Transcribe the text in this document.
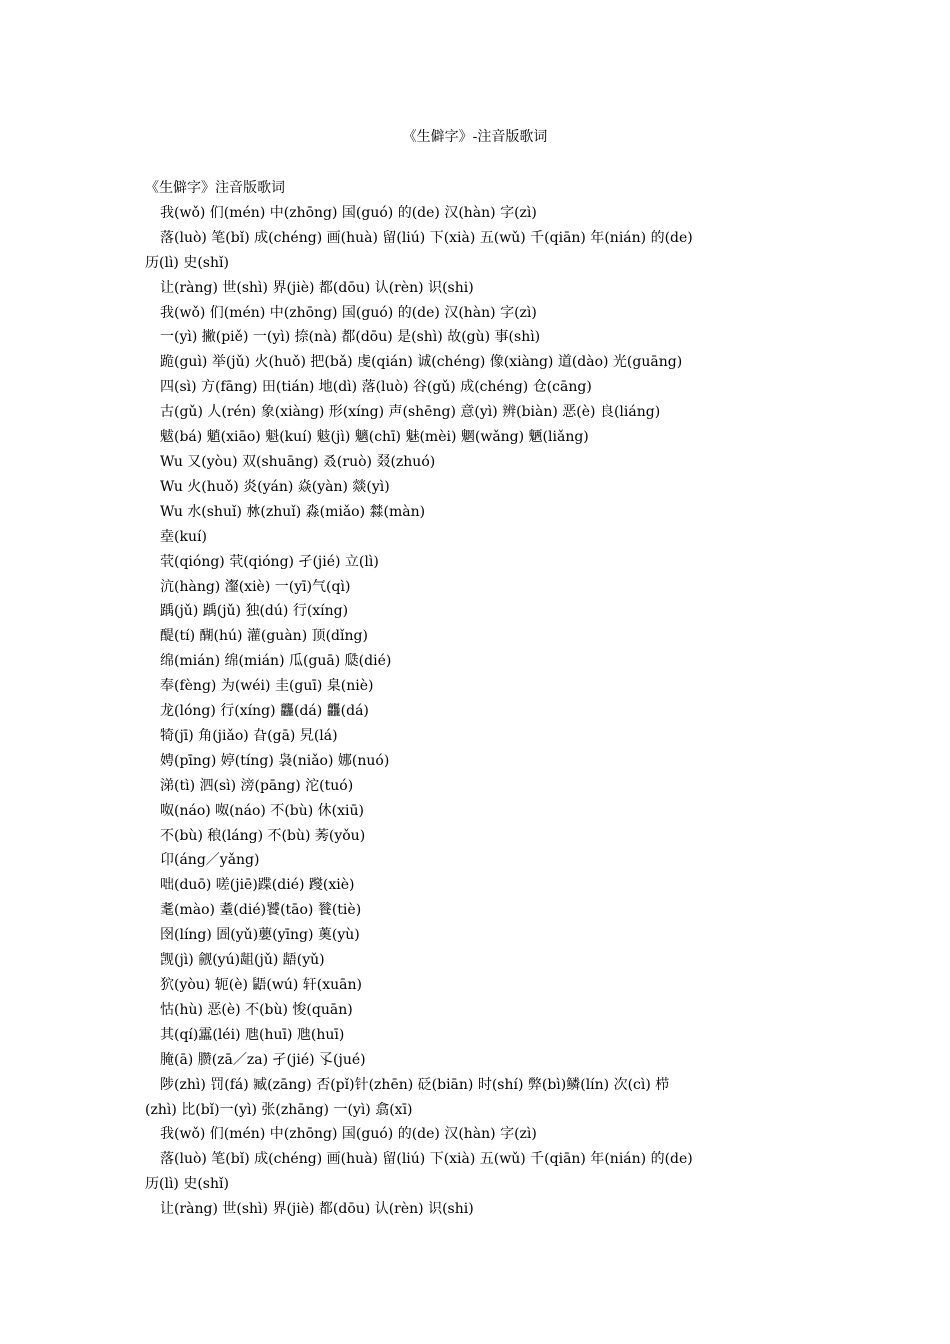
《生僻字》-注音版歌词
《生僻字》注音版歌词
我(wǒ) 们(mén) 中(zhōng) 国(guó) 的(de) 汉(hàn) 字(zì)
落(luò) 笔(bǐ) 成(chéng) 画(huà) 留(liú) 下(xià) 五(wǔ) 千(qiān) 年(nián) 的(de)
历(lì) 史(shǐ)
让(ràng) 世(shì) 界(jiè) 都(dōu) 认(rèn) 识(shi)
我(wǒ) 们(mén) 中(zhōng) 国(guó) 的(de) 汉(hàn) 字(zì)
一(yì) 撇(piě) 一(yì) 捺(nà) 都(dōu) 是(shì) 故(gù) 事(shì)
跪(guì) 举(jǔ) 火(huǒ) 把(bǎ) 虔(qián) 诚(chéng) 像(xiàng) 道(dào) 光(guāng)
四(sì) 方(fāng) 田(tián) 地(dì) 落(luò) 谷(gǔ) 成(chéng) 仓(cāng)
古(gǔ) 人(rén) 象(xiàng) 形(xíng) 声(shēng) 意(yì) 辨(biàn) 恶(è) 良(liáng)
魃(bá) 魈(xiāo) 魁(kuí) 鬾(jì) 魑(chī) 魅(mèi) 魍(wǎng) 魉(liǎng)
Wu 又(yòu) 双(shuāng) 叒(ruò) 叕(zhuó)
Wu 火(huǒ) 炎(yán) 焱(yàn) 燚(yì)
Wu 水(shuǐ) 沝(zhuǐ) 淼(miǎo) 㵘(màn)
㙓(kuí)
茕(qióng) 茕(qióng) 孑(jié) 立(lì)
沆(hàng) 瀣(xiè) 一(yī)气(qì)
踽(jǔ) 踽(jǔ) 独(dú) 行(xíng)
醍(tí) 醐(hú) 灌(guàn) 顶(dǐng)
绵(mián) 绵(mián) 瓜(guā) 瓞(dié)
奉(fèng) 为(wéi) 圭(guī) 臬(niè)
龙(lóng) 行(xíng) 龘(dá) 龘(dá)
犄(jī) 角(jiǎo) 旮(gā) 旯(lá)
娉(pīng) 婷(tíng) 袅(niǎo) 娜(nuó)
涕(tì) 泗(sì) 滂(pāng) 沱(tuó)
呶(náo) 呶(náo) 不(bù) 休(xiū)
不(bù) 稂(láng) 不(bù) 莠(yǒu)
卬(áng／yǎng)
咄(duō) 嗟(jiē)蹀(dié) 躞(xiè)
耄(mào) 耋(dié)饕(tāo) 餮(tiè)
囹(líng) 圄(yǔ)蘡(yīng) 薁(yù)
觊(jì) 觎(yú)龃(jǔ) 龉(yǔ)
狖(yòu) 轭(è) 鼯(wú) 轩(xuān)
怙(hù) 恶(è) 不(bù) 悛(quān)
其(qí)靁(léi) 虺(huī) 虺(huī)
腌(ā) 臜(zā／za) 孑(jié) 孓(jué)
陟(zhì) 罚(fá) 臧(zāng) 否(pǐ)针(zhēn) 砭(biān) 时(shí) 弊(bì)鳞(lín) 次(cì) 栉
(zhì) 比(bǐ)一(yì) 张(zhāng) 一(yì) 翕(xī)
我(wǒ) 们(mén) 中(zhōng) 国(guó) 的(de) 汉(hàn) 字(zì)
落(luò) 笔(bǐ) 成(chéng) 画(huà) 留(liú) 下(xià) 五(wǔ) 千(qiān) 年(nián) 的(de)
历(lì) 史(shǐ)
让(ràng) 世(shì) 界(jiè) 都(dōu) 认(rèn) 识(shi)
